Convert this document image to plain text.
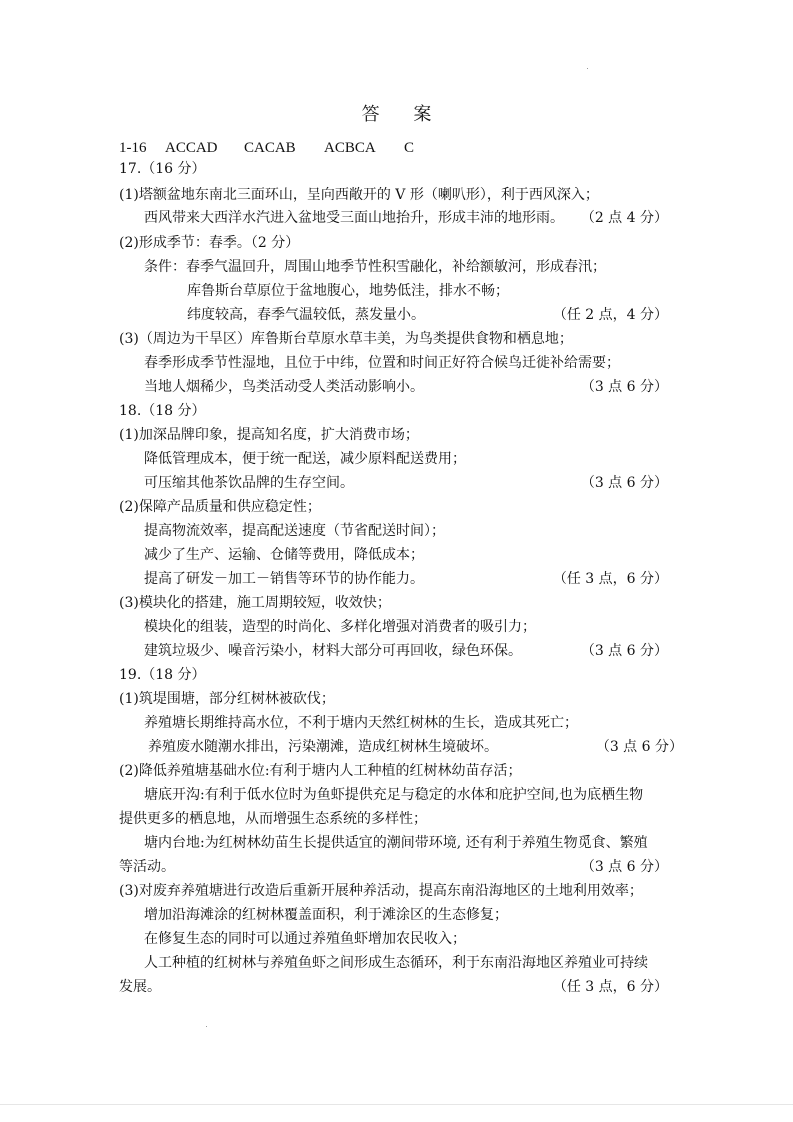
答 案
1-16 ACCAD CACAB ACBCA C
17.（16 分）
(1)塔额盆地东南北三面环山，呈向西敞开的 V 形（喇叭形），利于西风深入；
西风带来大西洋水汽进入盆地受三面山地抬升，形成丰沛的地形雨。 （2 点 4 分）
(2)形成季节：春季。（2 分）
条件：春季气温回升，周围山地季节性积雪融化，补给额敏河，形成春汛；
库鲁斯台草原位于盆地腹心，地势低洼，排水不畅；
纬度较高，春季气温较低，蒸发量小。	（任 2 点，4 分）
(3)（周边为干旱区）库鲁斯台草原水草丰美，为鸟类提供食物和栖息地；
春季形成季节性湿地，且位于中纬，位置和时间正好符合候鸟迁徙补给需要；
当地人烟稀少，鸟类活动受人类活动影响小。	（3 点 6 分）
18.（18 分）
(1)加深品牌印象，提高知名度，扩大消费市场；
降低管理成本，便于统一配送，减少原料配送费用；
可压缩其他茶饮品牌的生存空间。	（3 点 6 分）
(2)保障产品质量和供应稳定性；
提高物流效率，提高配送速度（节省配送时间）；
减少了生产、运输、仓储等费用，降低成本；
提高了研发－加工－销售等环节的协作能力。	（任 3 点，6 分）
(3)模块化的搭建，施工周期较短，收效快；
模块化的组装，造型的时尚化、多样化增强对消费者的吸引力；
建筑垃圾少、噪音污染小，材料大部分可再回收，绿色环保。	（3 点 6 分）
19.（18 分）
(1)筑堤围塘，部分红树林被砍伐；
养殖塘长期维持高水位，不利于塘内天然红树林的生长，造成其死亡；
养殖废水随潮水排出，污染潮滩，造成红树林生境破坏。	（3 点 6 分）
(2)降低养殖塘基础水位:有利于塘内人工种植的红树林幼苗存活；
塘底开沟:有利于低水位时为鱼虾提供充足与稳定的水体和庇护空间,也为底栖生物
提供更多的栖息地，从而增强生态系统的多样性；
塘内台地:为红树林幼苗生长提供适宜的潮间带环境, 还有利于养殖生物觅食、繁殖
等活动。	（3 点 6 分）
(3)对废弃养殖塘进行改造后重新开展种养活动，提高东南沿海地区的土地利用效率；
增加沿海滩涂的红树林覆盖面积，利于滩涂区的生态修复；
在修复生态的同时可以通过养殖鱼虾增加农民收入；
人工种植的红树林与养殖鱼虾之间形成生态循环，利于东南沿海地区养殖业可持续
发展。	（任 3 点，6 分）
